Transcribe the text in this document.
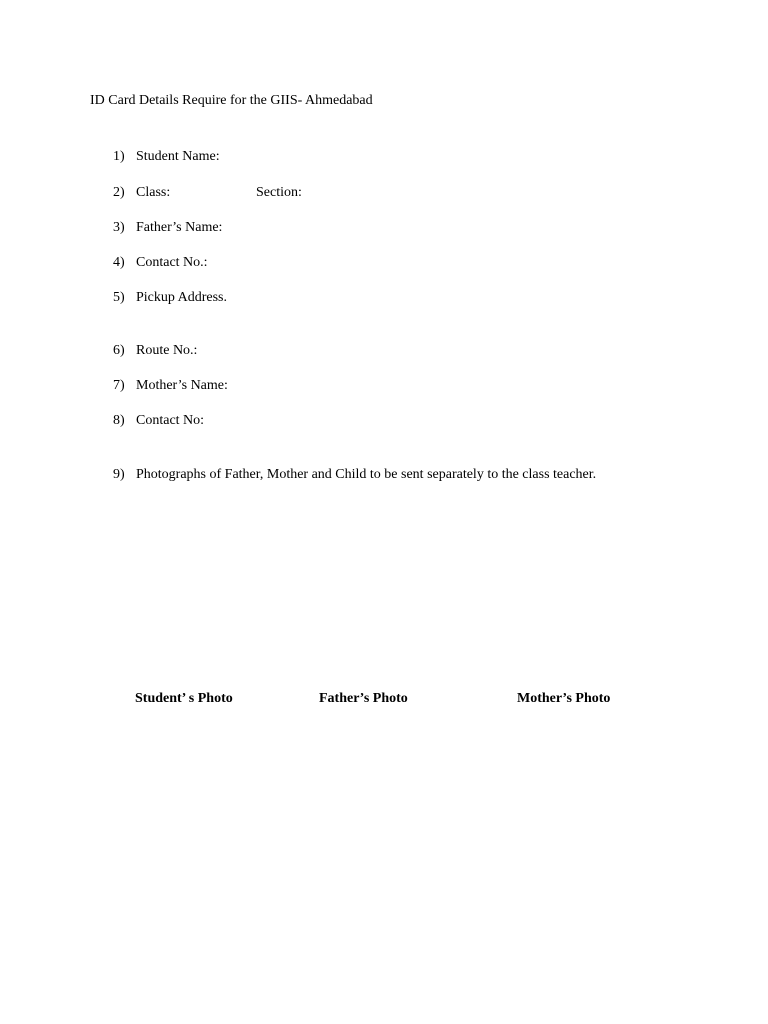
ID Card Details Require for the GIIS- Ahmedabad
1) Student Name:
2) Class:	Section:
3) Father’s Name:
4) Contact No.:
5) Pickup Address.
6) Route No.:
7) Mother’s Name:
8) Contact No:
9) Photographs of Father, Mother and Child to be sent separately to the class teacher.
Student’ s Photo	Father’s Photo	Mother’s Photo
